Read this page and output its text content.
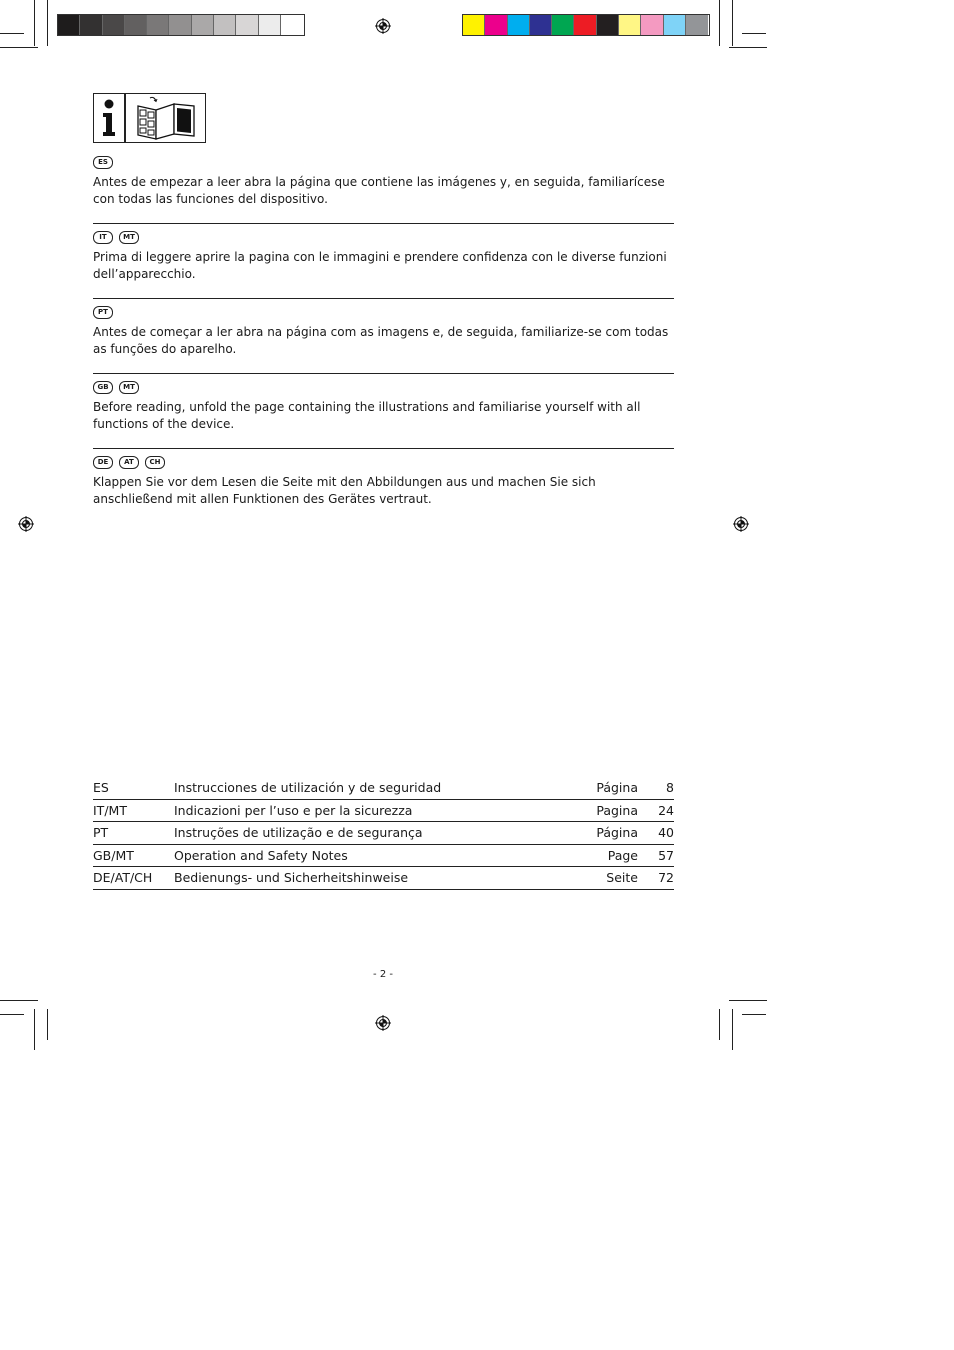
ES
Antes de empezar a leer abra la página que contiene las imágenes y, en seguida, familiarícese con todas las funciones del dispositivo.
IT	MT
Prima di leggere aprire la pagina con le immagini e prendere confidenza con le diverse funzioni dell’apparecchio.
PT
Antes de começar a ler abra na página com as imagens e, de seguida, familiarize-se com todas as funções do aparelho.
GB	MT
Before reading, unfold the page containing the illustrations and familiarise yourself with all functions of the device.
DE	AT	CH
Klappen Sie vor dem Lesen die Seite mit den Abbildungen aus und machen Sie sich anschließend mit allen Funktionen des Gerätes vertraut.
ES	Instrucciones de utilización y de seguridad	Página	8
IT/MT	Indicazioni per l’uso e per la sicurezza	Pagina	24
PT	Instruções de utilização e de segurança	Página	40
GB/MT	Operation and Safety Notes	Page	57
DE/AT/CH	Bedienungs- und Sicherheitshinweise	Seite	72
- 2 -
